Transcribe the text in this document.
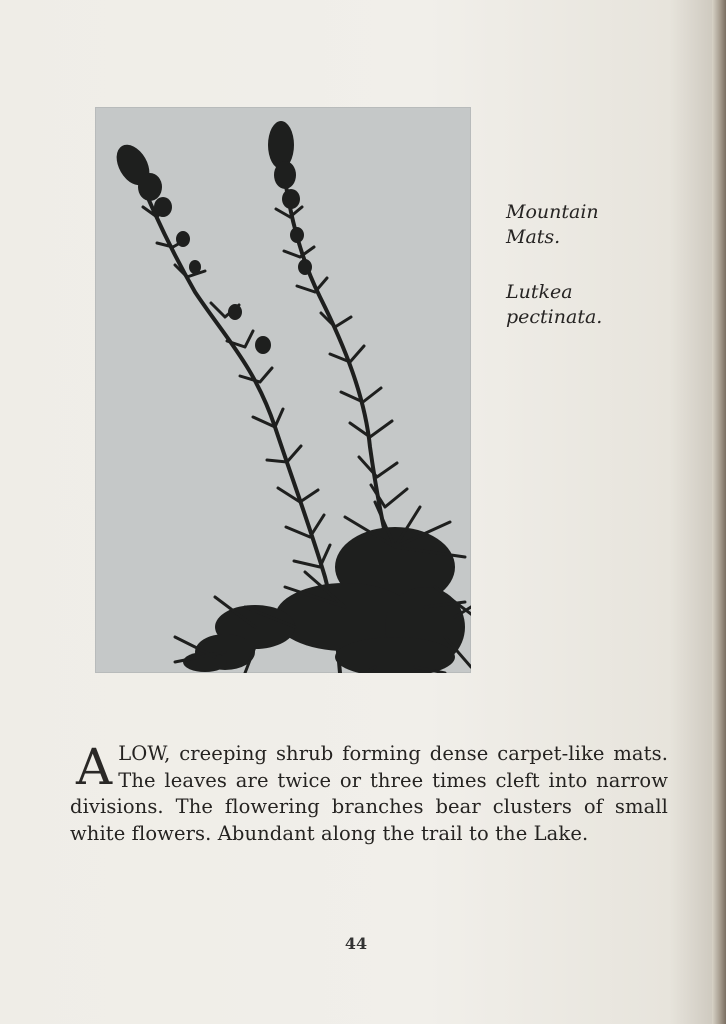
Mountain
Mats.

Lutkea
pectinata.

A LOW, creeping shrub forming dense carpet-like mats. The leaves are twice or three times cleft into narrow divisions. The flowering branches bear clusters of small white flowers. Abundant along the trail to the Lake.
44
